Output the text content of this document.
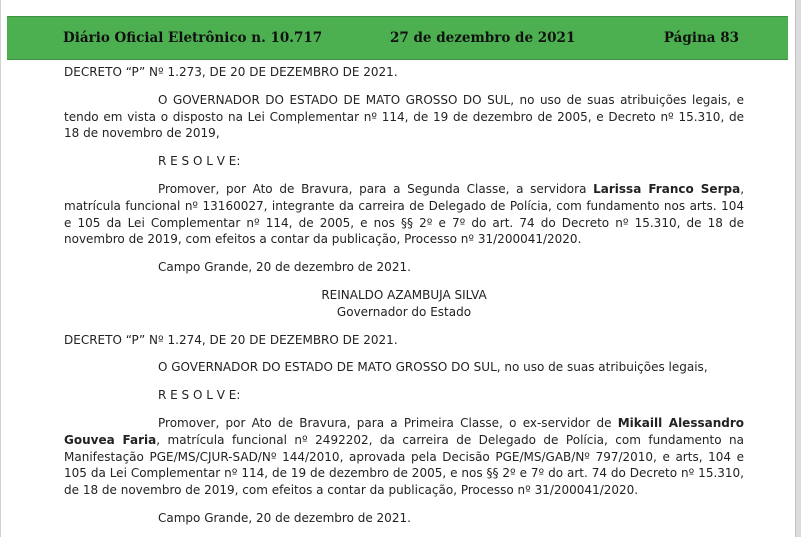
Diário Oficial Eletrônico n. 10.717	27 de dezembro de 2021	Página 83

DECRETO “P” Nº 1.273, DE 20 DE DEZEMBRO DE 2021.

O GOVERNADOR DO ESTADO DE MATO GROSSO DO SUL, no uso de suas atribuições legais, e tendo em vista o disposto na Lei Complementar nº 114, de 19 de dezembro de 2005, e Decreto nº 15.310, de 18 de novembro de 2019,

R E S O L V E:

Promover, por Ato de Bravura, para a Segunda Classe, a servidora Larissa Franco Serpa, matrícula funcional nº 13160027, integrante da carreira de Delegado de Polícia, com fundamento nos arts. 104 e 105 da Lei Complementar nº 114, de 2005, e nos §§ 2º e 7º do art. 74 do Decreto nº 15.310, de 18 de novembro de 2019, com efeitos a contar da publicação, Processo nº 31/200041/2020.

Campo Grande, 20 de dezembro de 2021.

REINALDO AZAMBUJA SILVA

Governador do Estado

DECRETO “P” Nº 1.274, DE 20 DE DEZEMBRO DE 2021.

O GOVERNADOR DO ESTADO DE MATO GROSSO DO SUL, no uso de suas atribuições legais,

R E S O L V E:

Promover, por Ato de Bravura, para a Primeira Classe, o ex-servidor de Mikaill Alessandro Gouvea Faria, matrícula funcional nº 2492202, da carreira de Delegado de Polícia, com fundamento na Manifestação PGE/MS/CJUR-SAD/Nº 144/2010, aprovada pela Decisão PGE/MS/GAB/Nº 797/2010, e arts, 104 e 105 da Lei Complementar nº 114, de 19 de dezembro de 2005, e nos §§ 2º e 7º do art. 74 do Decreto nº 15.310, de 18 de novembro de 2019, com efeitos a contar da publicação, Processo nº 31/200041/2020.

Campo Grande, 20 de dezembro de 2021.
